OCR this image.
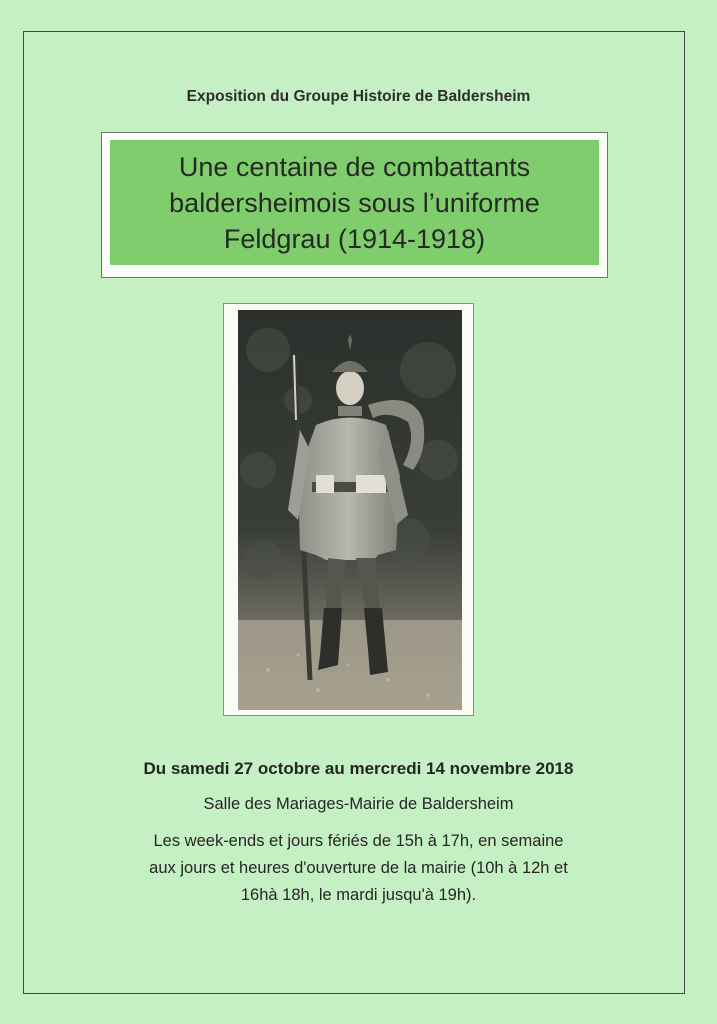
Exposition du Groupe Histoire de Baldersheim
Une centaine de combattants
baldersheimois sous l’uniforme
Feldgrau (1914-1918)
Du samedi 27 octobre au mercredi 14 novembre 2018
Salle des Mariages-Mairie de Baldersheim
Les week-ends et jours fériés de 15h à 17h, en semaine
aux jours et heures d'ouverture de la mairie (10h à 12h et
16hà 18h, le mardi jusqu'à 19h).
